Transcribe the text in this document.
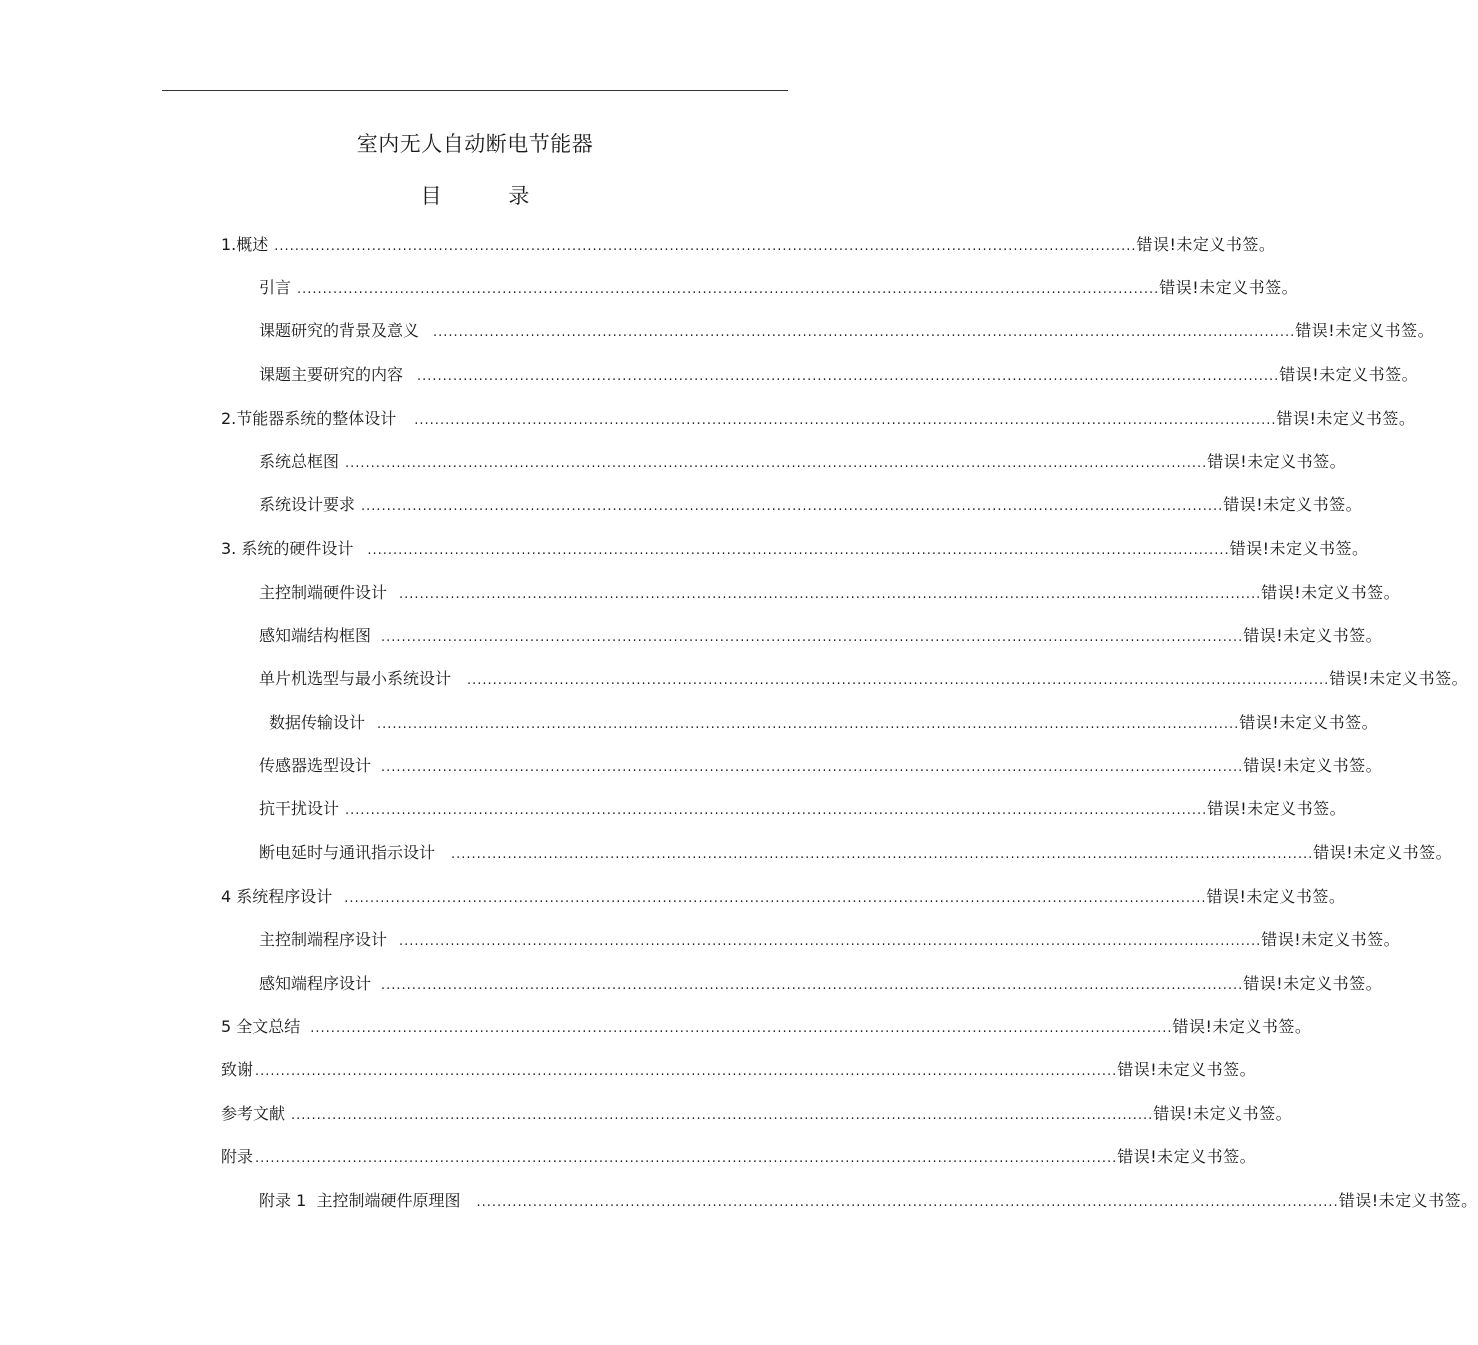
室内无人自动断电节能器
目 录
1.概述 ........................................................................................................................................................................ 错误!未定义书签。
引言 ........................................................................................................................................................................ 错误!未定义书签。
课题研究的背景及意义 ........................................................................................................................................................................ 错误!未定义书签。
课题主要研究的内容 ........................................................................................................................................................................ 错误!未定义书签。
2.节能器系统的整体设计 ........................................................................................................................................................................ 错误!未定义书签。
系统总框图 ........................................................................................................................................................................ 错误!未定义书签。
系统设计要求 ........................................................................................................................................................................ 错误!未定义书签。
3. 系统的硬件设计 ........................................................................................................................................................................ 错误!未定义书签。
主控制端硬件设计 ........................................................................................................................................................................ 错误!未定义书签。
感知端结构框图 ........................................................................................................................................................................ 错误!未定义书签。
单片机选型与最小系统设计 ........................................................................................................................................................................ 错误!未定义书签。
数据传输设计 ........................................................................................................................................................................ 错误!未定义书签。
传感器选型设计 ........................................................................................................................................................................ 错误!未定义书签。
抗干扰设计 ........................................................................................................................................................................ 错误!未定义书签。
断电延时与通讯指示设计 ........................................................................................................................................................................ 错误!未定义书签。
4 系统程序设计 ........................................................................................................................................................................ 错误!未定义书签。
主控制端程序设计 ........................................................................................................................................................................ 错误!未定义书签。
感知端程序设计 ........................................................................................................................................................................ 错误!未定义书签。
5 全文总结 ........................................................................................................................................................................ 错误!未定义书签。
致谢 ........................................................................................................................................................................ 错误!未定义书签。
参考文献 ........................................................................................................................................................................ 错误!未定义书签。
附录 ........................................................................................................................................................................ 错误!未定义书签。
附录 1  主控制端硬件原理图 ........................................................................................................................................................................ 错误!未定义书签。
